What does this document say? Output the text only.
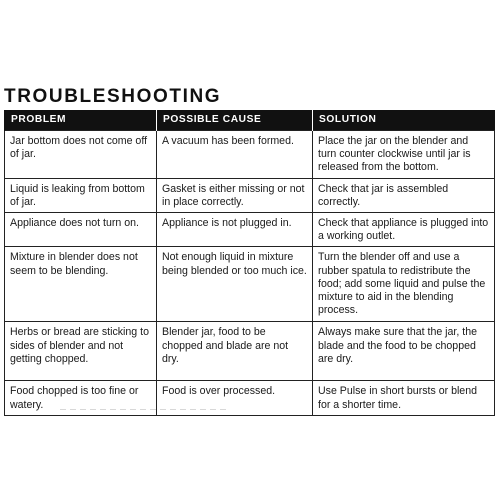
TROUBLESHOOTING
PROBLEM	POSSIBLE CAUSE	SOLUTION
Jar bottom does not come off of jar.	A vacuum has been formed.	Place the jar on the blender and turn counter clockwise until jar is released from the bottom.
Liquid is leaking from bottom of jar.	Gasket is either missing or not in place correctly.	Check that jar is assembled correctly.
Appliance does not turn on.	Appliance is not plugged in.	Check that appliance is plugged into a working outlet.
Mixture in blender does not seem to be blending.	Not enough liquid in mixture being blended or too much ice.	Turn the blender off and use a rubber spatula to redistribute the food; add some liquid and pulse the mixture to aid in the blending process.
Herbs or bread are sticking to sides of blender and not getting chopped.	Blender jar, food to be chopped and blade are not dry.	Always make sure that the jar, the blade and the food to be chopped are dry.
Food chopped is too fine or watery.	Food is over processed.	Use Pulse in short bursts or blend for a shorter time.
